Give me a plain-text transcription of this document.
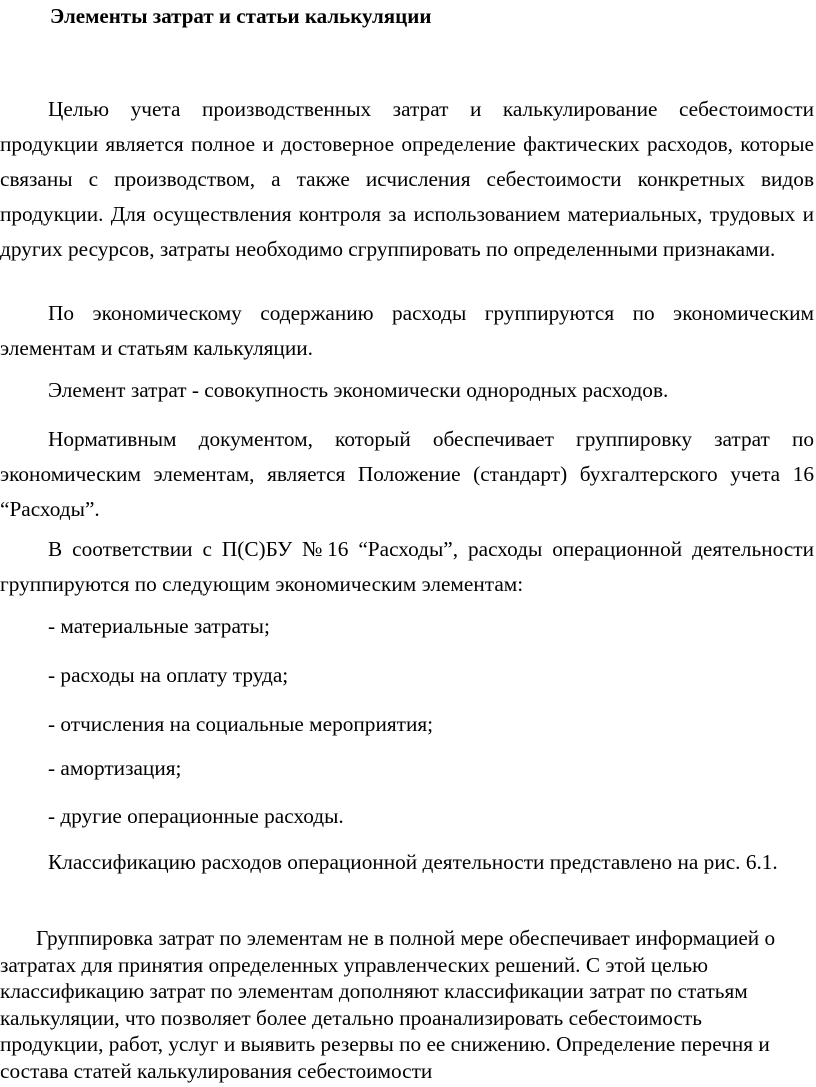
Элементы затрат и статьи калькуляции

Целью учета производственных затрат и калькулирование себестоимости продукции является полное и достоверное определение фактических расходов, которые связаны с производством, а также исчисления себестоимости конкретных видов продукции. Для осуществления контроля за использованием материальных, трудовых и других ресурсов, затраты необходимо сгруппировать по определенными признаками.

По экономическому содержанию расходы группируются по экономическим элементам и статьям калькуляции.

Элемент затрат - совокупность экономически однородных расходов.

Нормативным документом, который обеспечивает группировку затрат по экономическим элементам, является Положение (стандарт) бухгалтерского учета 16 “Расходы”.

В соответствии с П(С)БУ №16 “Расходы”, расходы операционной деятельности группируются по следующим экономическим элементам:

- материальные затраты;

- расходы на оплату труда;

- отчисления на социальные мероприятия;

- амортизация;

- другие операционные расходы.

Классификацию расходов операционной деятельности представлено на рис. 6.1.

Группировка затрат по элементам не в полной мере обеспечивает информацией о затратах для принятия определенных управленческих решений. С этой целью классификацию затрат по элементам дополняют классификации затрат по статьям калькуляции, что позволяет более детально проанализировать себестоимость продукции, работ, услуг и выявить резервы по ее снижению. Определение перечня и состава статей калькулирования себестоимости
